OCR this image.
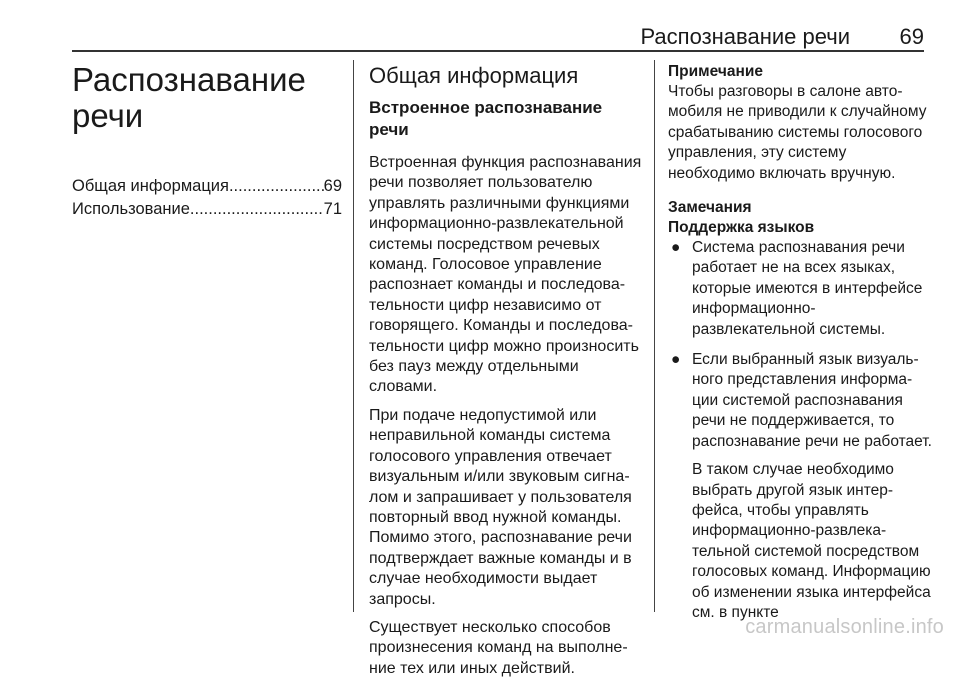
Распознавание речи 69
Распознавание речи
Общая информация .....	69
Использование .....	71
Общая информация
Встроенное распознавание речи

Встроенная функция распознавания речи позволяет пользователю управлять различными функциями информационно-развлекательной системы посредством речевых команд. Голосовое управление распознает команды и последовательности цифр независимо от говорящего. Команды и последовательности цифр можно произносить без пауз между отдельными словами.

При подаче недопустимой или неправильной команды система голосового управления отвечает визуальным и/или звуковым сигналом и запрашивает у пользователя повторный ввод нужной команды. Помимо этого, распознавание речи подтверждает важные команды и в случае необходимости выдает запросы.

Существует несколько способов произнесения команд на выполнение тех или иных действий.

Примечание

Чтобы разговоры в салоне автомобиля не приводили к случайному срабатыванию системы голосового управления, эту систему необходимо включать вручную.

Замечания
Поддержка языков
● Система распознавания речи работает не на всех языках, которые имеются в интерфейсе информационно-развлекательной системы.

● Если выбранный язык визуального представления информации системой распознавания речи не поддерживается, то распознавание речи не работает.

В таком случае необходимо выбрать другой язык интерфейса, чтобы управлять информационно-развлекательной системой посредством голосовых команд. Информацию об изменении языка интерфейса см. в пункте

carmanualsonline.info
